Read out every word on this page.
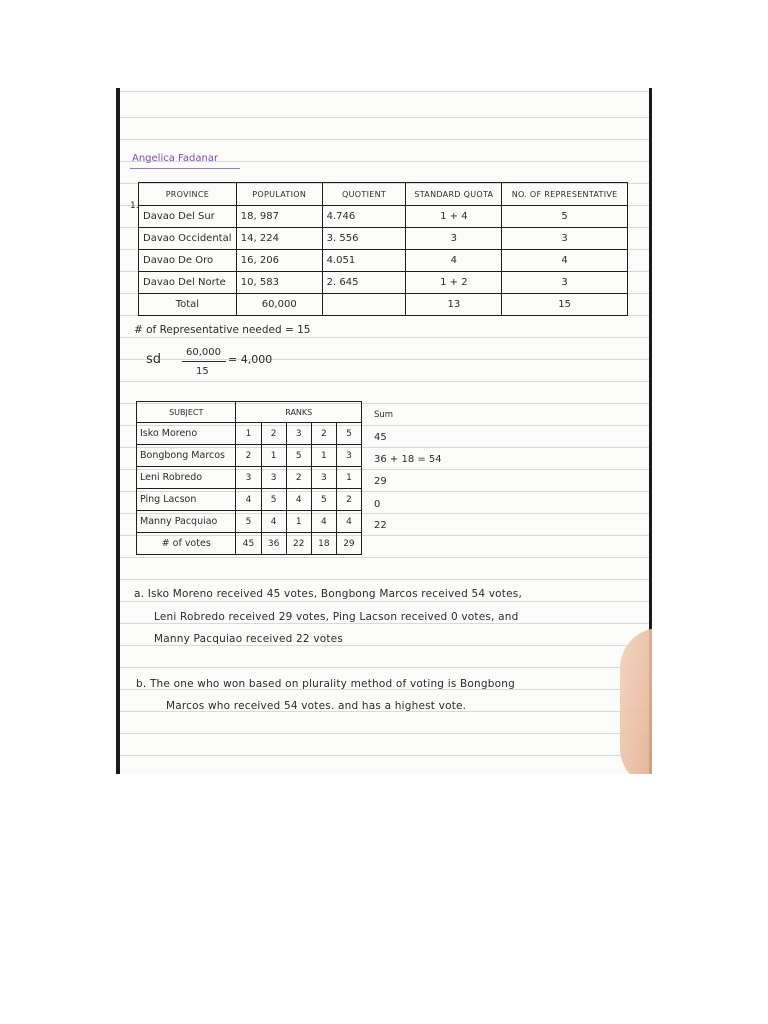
Angelica Fadanar
1.
PROVINCE	POPULATION	QUOTIENT	STANDARD QUOTA	NO. OF REPRESENTATIVE
Davao Del Sur	18, 987	4.746	1 + 4	5
Davao Occidental	14, 224	3. 556	3	3
Davao De Oro	16, 206	4.051	4	4
Davao Del Norte	10, 583	2. 645	1 + 2	3
Total	60,000		13	15
# of Representative needed = 15
sd 60,000
15
= 4,000
SUBJECT	RANKS				
Isko Moreno	1	2	3	2	5
Bongbong Marcos	2	1	5	1	3
Leni Robredo	3	3	2	3	1
Ping Lacson	4	5	4	5	2
Manny Pacquiao	5	4	1	4	4
# of votes	45	36	22	18	29
Sum
45
36 + 18 = 54
29
0
22
a. Isko Moreno received 45 votes, Bongbong Marcos received 54 votes,
Leni Robredo received 29 votes, Ping Lacson received 0 votes, and
Manny Pacquiao received 22 votes
b. The one who won based on plurality method of voting is Bongbong
Marcos who received 54 votes. and has a highest vote.
